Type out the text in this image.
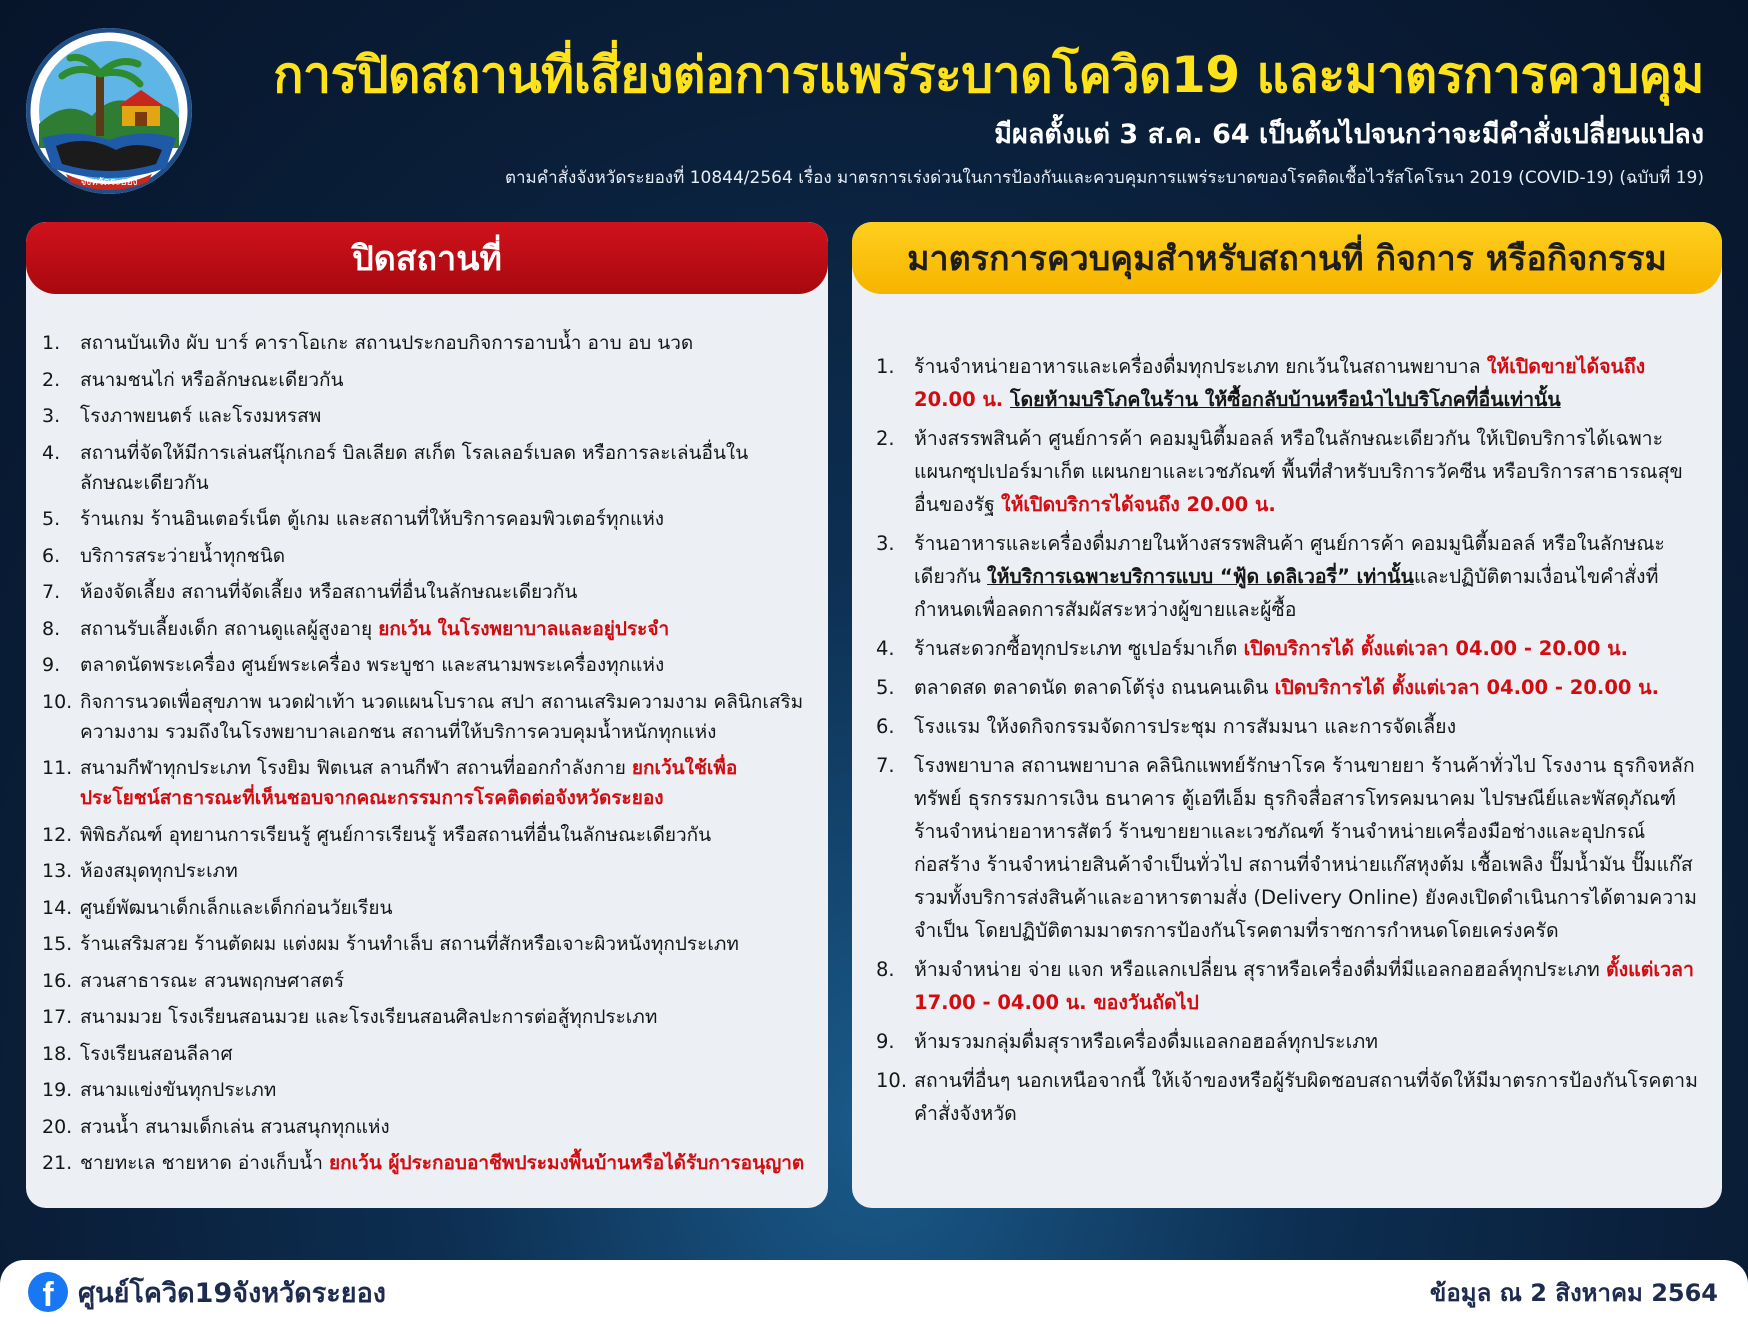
จังหวัดระยอง
การปิดสถานที่เสี่ยงต่อการแพร่ระบาดโควิด19 และมาตรการควบคุม

มีผลตั้งแต่ 3 ส.ค. 64 เป็นต้นไปจนกว่าจะมีคำสั่งเปลี่ยนแปลง

ตามคำสั่งจังหวัดระยองที่ 10844/2564 เรื่อง มาตรการเร่งด่วนในการป้องกันและควบคุมการแพร่ระบาดของโรคติดเชื้อไวรัสโคโรนา 2019 (COVID-19) (ฉบับที่ 19)

ปิดสถานที่
1.	สถานบันเทิง ผับ บาร์ คาราโอเกะ สถานประกอบกิจการอาบน้ำ อาบ อบ นวด
2.	สนามชนไก่ หรือลักษณะเดียวกัน
3.	โรงภาพยนตร์ และโรงมหรสพ
4.	สถานที่จัดให้มีการเล่นสนุ๊กเกอร์ บิลเลียด สเก็ต โรลเลอร์เบลด หรือการละเล่นอื่นในลักษณะเดียวกัน
5.	ร้านเกม ร้านอินเตอร์เน็ต ตู้เกม และสถานที่ให้บริการคอมพิวเตอร์ทุกแห่ง
6.	บริการสระว่ายน้ำทุกชนิด
7.	ห้องจัดเลี้ยง สถานที่จัดเลี้ยง หรือสถานที่อื่นในลักษณะเดียวกัน
8.	สถานรับเลี้ยงเด็ก สถานดูแลผู้สูงอายุ ยกเว้น ในโรงพยาบาลและอยู่ประจำ
9.	ตลาดนัดพระเครื่อง ศูนย์พระเครื่อง พระบูชา และสนามพระเครื่องทุกแห่ง
10. กิจการนวดเพื่อสุขภาพ นวดฝ่าเท้า นวดแผนโบราณ สปา สถานเสริมความงาม คลินิกเสริมความงาม รวมถึงในโรงพยาบาลเอกชน สถานที่ให้บริการควบคุมน้ำหนักทุกแห่ง
11. สนามกีฬาทุกประเภท โรงยิม ฟิตเนส ลานกีฬา สถานที่ออกกำลังกาย ยกเว้นใช้เพื่อประโยชน์สาธารณะที่เห็นชอบจากคณะกรรมการโรคติดต่อจังหวัดระยอง
12. พิพิธภัณฑ์ อุทยานการเรียนรู้ ศูนย์การเรียนรู้ หรือสถานที่อื่นในลักษณะเดียวกัน
13. ห้องสมุดทุกประเภท
14. ศูนย์พัฒนาเด็กเล็กและเด็กก่อนวัยเรียน
15. ร้านเสริมสวย ร้านตัดผม แต่งผม ร้านทำเล็บ สถานที่สักหรือเจาะผิวหนังทุกประเภท
16. สวนสาธารณะ สวนพฤกษศาสตร์
17. สนามมวย โรงเรียนสอนมวย และโรงเรียนสอนศิลปะการต่อสู้ทุกประเภท
18. โรงเรียนสอนลีลาศ
19. สนามแข่งขันทุกประเภท
20. สวนน้ำ สนามเด็กเล่น สวนสนุกทุกแห่ง
21. ชายทะเล ชายหาด อ่างเก็บน้ำ ยกเว้น ผู้ประกอบอาชีพประมงพื้นบ้านหรือได้รับการอนุญาต
มาตรการควบคุมสำหรับสถานที่ กิจการ หรือกิจกรรม
1. ร้านจำหน่ายอาหารและเครื่องดื่มทุกประเภท ยกเว้นในสถานพยาบาล ให้เปิดขายได้จนถึง 20.00 น. โดยห้ามบริโภคในร้าน ให้ซื้อกลับบ้านหรือนำไปบริโภคที่อื่นเท่านั้น
2. ห้างสรรพสินค้า ศูนย์การค้า คอมมูนิตี้มอลล์ หรือในลักษณะเดียวกัน ให้เปิดบริการได้เฉพาะแผนกซุปเปอร์มาเก็ต แผนกยาและเวชภัณฑ์ พื้นที่สำหรับบริการวัคซีน หรือบริการสาธารณสุขอื่นของรัฐ ให้เปิดบริการได้จนถึง 20.00 น.
3. ร้านอาหารและเครื่องดื่มภายในห้างสรรพสินค้า ศูนย์การค้า คอมมูนิตี้มอลล์ หรือในลักษณะเดียวกัน ให้บริการเฉพาะบริการแบบ “ฟู้ด เดลิเวอรี่” เท่านั้นและปฏิบัติตามเงื่อนไขคำสั่งที่กำหนดเพื่อลดการสัมผัสระหว่างผู้ขายและผู้ซื้อ
4. ร้านสะดวกซื้อทุกประเภท ซูเปอร์มาเก็ต เปิดบริการได้ ตั้งแต่เวลา 04.00 - 20.00 น.
5. ตลาดสด ตลาดนัด ตลาดโต้รุ่ง ถนนคนเดิน เปิดบริการได้ ตั้งแต่เวลา 04.00 - 20.00 น.
6. โรงแรม ให้งดกิจกรรมจัดการประชุม การสัมมนา และการจัดเลี้ยง
7. โรงพยาบาล สถานพยาบาล คลินิกแพทย์รักษาโรค ร้านขายยา ร้านค้าทั่วไป โรงงาน ธุรกิจหลักทรัพย์ ธุรกรรมการเงิน ธนาคาร ตู้เอทีเอ็ม ธุรกิจสื่อสารโทรคมนาคม ไปรษณีย์และพัสดุภัณฑ์ ร้านจำหน่ายอาหารสัตว์ ร้านขายยาและเวชภัณฑ์ ร้านจำหน่ายเครื่องมือช่างและอุปกรณ์ก่อสร้าง ร้านจำหน่ายสินค้าจำเป็นทั่วไป สถานที่จำหน่ายแก๊สหุงต้ม เชื้อเพลิง ปั๊มน้ำมัน ปั๊มแก๊ส รวมทั้งบริการส่งสินค้าและอาหารตามสั่ง (Delivery Online) ยังคงเปิดดำเนินการได้ตามความจำเป็น โดยปฏิบัติตามมาตรการป้องกันโรคตามที่ราชการกำหนดโดยเคร่งครัด
8. ห้ามจำหน่าย จ่าย แจก หรือแลกเปลี่ยน สุราหรือเครื่องดื่มที่มีแอลกอฮอล์ทุกประเภท ตั้งแต่เวลา 17.00 - 04.00 น. ของวันถัดไป
9. ห้ามรวมกลุ่มดื่มสุราหรือเครื่องดื่มแอลกอฮอล์ทุกประเภท
10. สถานที่อื่นๆ นอกเหนือจากนี้ ให้เจ้าของหรือผู้รับผิดชอบสถานที่จัดให้มีมาตรการป้องกันโรคตามคำสั่งจังหวัด
f ศูนย์โควิด19จังหวัดระยอง	ข้อมูล ณ 2 สิงหาคม 2564
